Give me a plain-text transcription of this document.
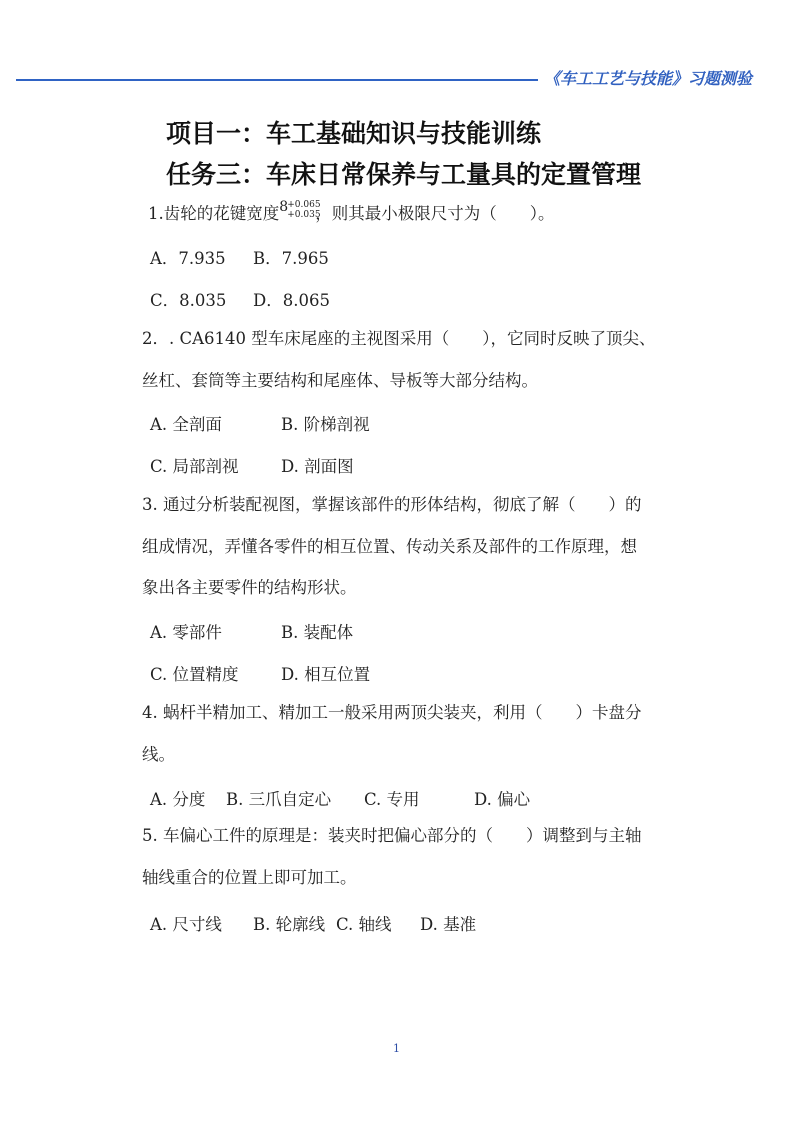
《车工工艺与技能》习题测验
项目一：车工基础知识与技能训练
任务三：车床日常保养与工量具的定置管理
1.齿轮的花键宽度 8 +0.065
+0.035
，则其最小极限尺寸为（　　）。
A．7.935 B．7.965
C．8.035 D．8.065
2．. CA6140 型车床尾座的主视图采用（　　），它同时反映了顶尖、
丝杠、套筒等主要结构和尾座体、导板等大部分结构。
A. 全剖面	B. 阶梯剖视
C. 局部剖视	D. 剖面图
3. 通过分析装配视图，掌握该部件的形体结构，彻底了解（　　）的
组成情况，弄懂各零件的相互位置、传动关系及部件的工作原理，想
象出各主要零件的结构形状。
A. 零部件	B. 装配体
C. 位置精度	D. 相互位置
4. 蜗杆半精加工、精加工一般采用两顶尖装夹，利用（　　）卡盘分
线。
A. 分度 B. 三爪自定心 C. 专用	D. 偏心
5. 车偏心工件的原理是：装夹时把偏心部分的（　　）调整到与主轴
轴线重合的位置上即可加工。
A. 尺寸线 B. 轮廓线 C. 轴线 D. 基准
1
